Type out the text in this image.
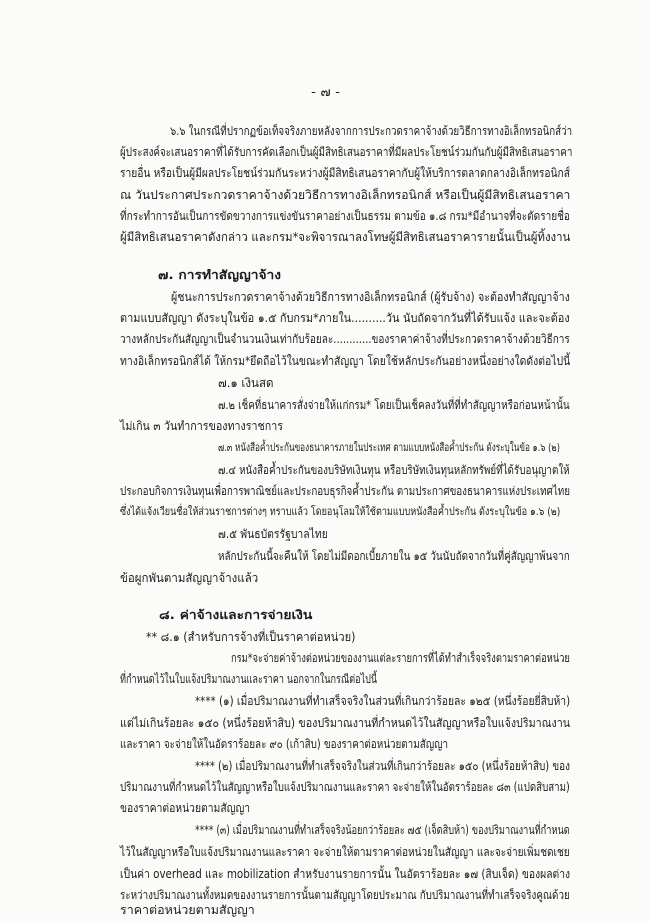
- ๗ -
๖.๖ ในกรณีที่ปรากฏข้อเท็จจริงภายหลังจากการประกวดราคาจ้างด้วยวิธีการทางอิเล็กทรอนิกส์ว่า
ผู้ประสงค์จะเสนอราคาที่ได้รับการคัดเลือกเป็นผู้มีสิทธิเสนอราคาที่มีผลประโยชน์ร่วมกันกับผู้มีสิทธิเสนอราคา
รายอื่น หรือเป็นผู้มีผลประโยชน์ร่วมกันระหว่างผู้มีสิทธิเสนอราคากับผู้ให้บริการตลาดกลางอิเล็กทรอนิกส์
ณ วันประกาศประกวดราคาจ้างด้วยวิธีการทางอิเล็กทรอนิกส์ หรือเป็นผู้มีสิทธิเสนอราคา
ที่กระทำการอันเป็นการขัดขวางการแข่งขันราคาอย่างเป็นธรรม ตามข้อ ๑.๘ กรม*มีอำนาจที่จะตัดรายชื่อ
ผู้มีสิทธิเสนอราคาดังกล่าว และกรม*จะพิจารณาลงโทษผู้มีสิทธิเสนอราคารายนั้นเป็นผู้ทิ้งงาน
๗. การทำสัญญาจ้าง
ผู้ชนะการประกวดราคาจ้างด้วยวิธีการทางอิเล็กทรอนิกส์ (ผู้รับจ้าง) จะต้องทำสัญญาจ้าง
ตามแบบสัญญา ดังระบุในข้อ ๑.๕ กับกรม*ภายใน..........วัน นับถัดจากวันที่ได้รับแจ้ง และจะต้อง
วางหลักประกันสัญญาเป็นจำนวนเงินเท่ากับร้อยละ............ของราคาค่าจ้างที่ประกวดราคาจ้างด้วยวิธีการ
ทางอิเล็กทรอนิกส์ได้ ให้กรม*ยึดถือไว้ในขณะทำสัญญา โดยใช้หลักประกันอย่างหนึ่งอย่างใดดังต่อไปนี้
๗.๑ เงินสด
๗.๒ เช็คที่ธนาคารสั่งจ่ายให้แก่กรม* โดยเป็นเช็คลงวันที่ที่ทำสัญญาหรือก่อนหน้านั้น
ไม่เกิน ๓ วันทำการของทางราชการ
๗.๓ หนังสือค้ำประกันของธนาคารภายในประเทศ ตามแบบหนังสือค้ำประกัน ดังระบุในข้อ ๑.๖ (๒)
๗.๔ หนังสือค้ำประกันของบริษัทเงินทุน หรือบริษัทเงินทุนหลักทรัพย์ที่ได้รับอนุญาตให้
ประกอบกิจการเงินทุนเพื่อการพาณิชย์และประกอบธุรกิจค้ำประกัน ตามประกาศของธนาคารแห่งประเทศไทย
ซึ่งได้แจ้งเวียนชื่อให้ส่วนราชการต่างๆ ทราบแล้ว โดยอนุโลมให้ใช้ตามแบบหนังสือค้ำประกัน ดังระบุในข้อ ๑.๖ (๒)
๗.๕ พันธบัตรรัฐบาลไทย
หลักประกันนี้จะคืนให้ โดยไม่มีดอกเบี้ยภายใน ๑๕ วันนับถัดจากวันที่คู่สัญญาพ้นจาก
ข้อผูกพันตามสัญญาจ้างแล้ว
๘. ค่าจ้างและการจ่ายเงิน
** ๘.๑ (สำหรับการจ้างที่เป็นราคาต่อหน่วย)
กรม*จะจ่ายค่าจ้างต่อหน่วยของงานแต่ละรายการที่ได้ทำสำเร็จจริงตามราคาต่อหน่วย
ที่กำหนดไว้ในใบแจ้งปริมาณงานและราคา นอกจากในกรณีต่อไปนี้
**** (๑) เมื่อปริมาณงานที่ทำเสร็จจริงในส่วนที่เกินกว่าร้อยละ ๑๒๕ (หนึ่งร้อยยี่สิบห้า)
แต่ไม่เกินร้อยละ ๑๕๐ (หนึ่งร้อยห้าสิบ) ของปริมาณงานที่กำหนดไว้ในสัญญาหรือใบแจ้งปริมาณงาน
และราคา จะจ่ายให้ในอัตราร้อยละ ๙๐ (เก้าสิบ) ของราคาต่อหน่วยตามสัญญา
**** (๒) เมื่อปริมาณงานที่ทำเสร็จจริงในส่วนที่เกินกว่าร้อยละ ๑๕๐ (หนึ่งร้อยห้าสิบ) ของ
ปริมาณงานที่กำหนดไว้ในสัญญาหรือใบแจ้งปริมาณงานและราคา จะจ่ายให้ในอัตราร้อยละ ๘๓ (แปดสิบสาม)
ของราคาต่อหน่วยตามสัญญา
**** (๓) เมื่อปริมาณงานที่ทำเสร็จจริงน้อยกว่าร้อยละ ๗๕ (เจ็ดสิบห้า) ของปริมาณงานที่กำหนด
ไว้ในสัญญาหรือใบแจ้งปริมาณงานและราคา จะจ่ายให้ตามราคาต่อหน่วยในสัญญา และจะจ่ายเพิ่มชดเชย
เป็นค่า overhead และ mobilization สำหรับงานรายการนั้น ในอัตราร้อยละ ๑๗ (สิบเจ็ด) ของผลต่าง
ระหว่างปริมาณงานทั้งหมดของงานรายการนั้นตามสัญญาโดยประมาณ กับปริมาณงานที่ทำเสร็จจริงคูณด้วย
ราคาต่อหน่วยตามสัญญา
